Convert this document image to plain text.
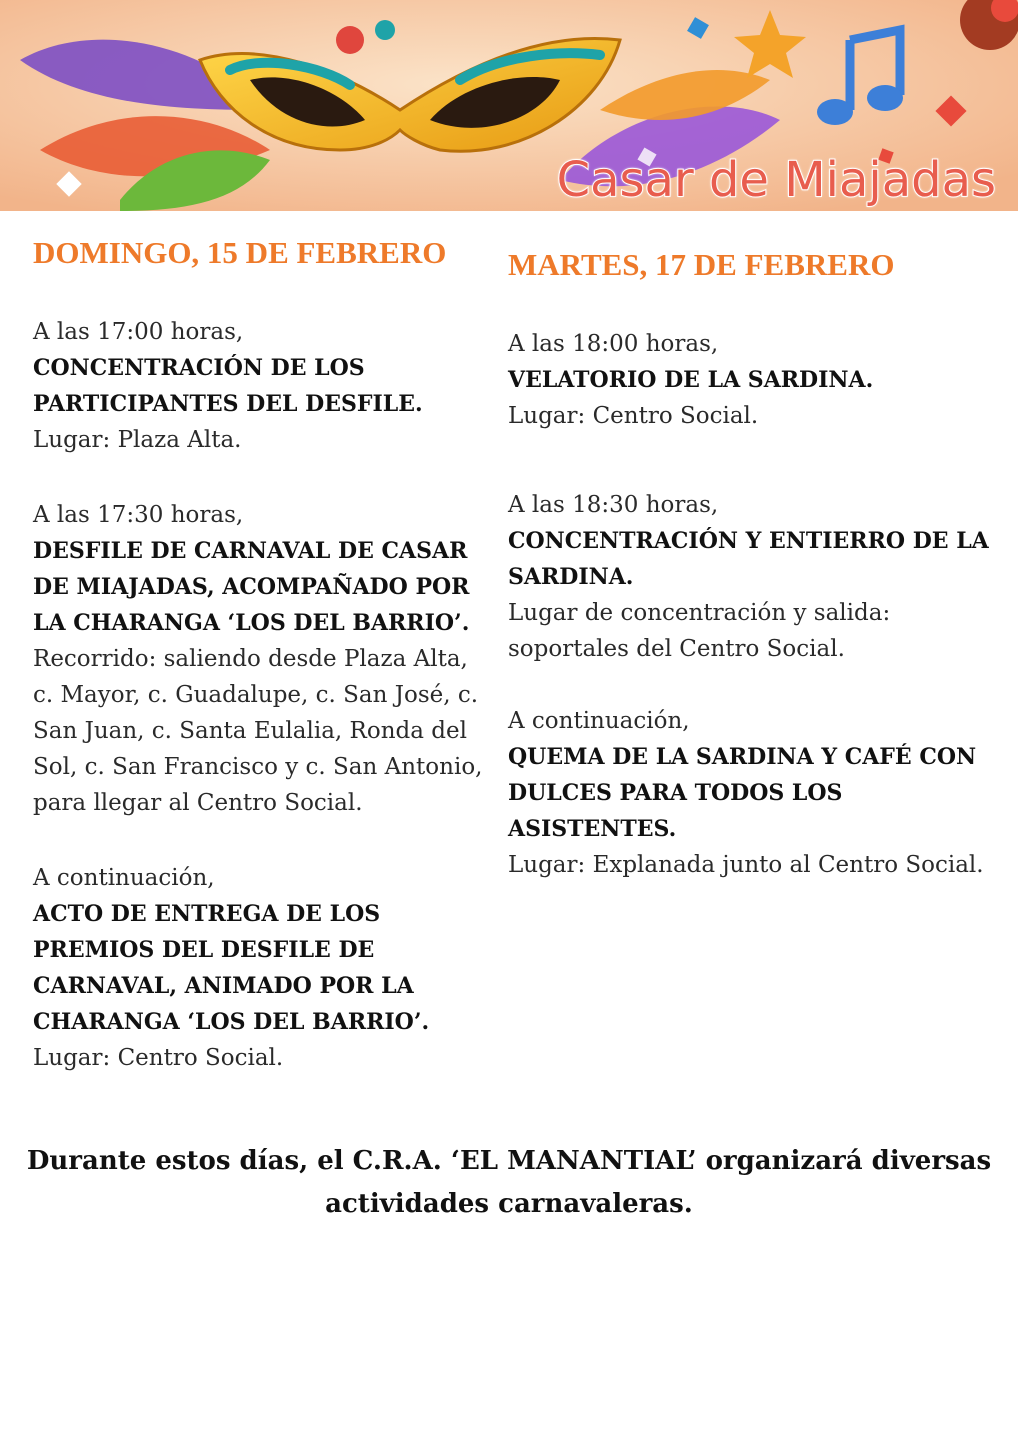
Casar de Miajadas
DOMINGO, 15 DE FEBRERO
A las 17:00 horas,
CONCENTRACIÓN DE LOS PARTICIPANTES DEL DESFILE.
Lugar: Plaza Alta.
A las 17:30 horas,
DESFILE DE CARNAVAL DE CASAR DE MIAJADAS, ACOMPAÑADO POR LA CHARANGA ‘LOS DEL BARRIO’.
Recorrido: saliendo desde Plaza Alta, c. Mayor, c. Guadalupe, c. San José, c. San Juan, c. Santa Eulalia, Ronda del Sol, c. San Francisco y c. San Antonio, para llegar al Centro Social.
A continuación,
ACTO DE ENTREGA DE LOS PREMIOS DEL DESFILE DE CARNAVAL, ANIMADO POR LA CHARANGA ‘LOS DEL BARRIO’.
Lugar: Centro Social.
MARTES, 17 DE FEBRERO
A las 18:00 horas,
VELATORIO DE LA SARDINA.
Lugar: Centro Social.
A las 18:30 horas,
CONCENTRACIÓN Y ENTIERRO DE LA SARDINA.
Lugar de concentración y salida: soportales del Centro Social.
A continuación,
QUEMA DE LA SARDINA Y CAFÉ CON DULCES PARA TODOS LOS ASISTENTES.
Lugar: Explanada junto al Centro Social.
Durante estos días, el C.R.A. ‘EL MANANTIAL’ organizará diversas
actividades carnavaleras.
